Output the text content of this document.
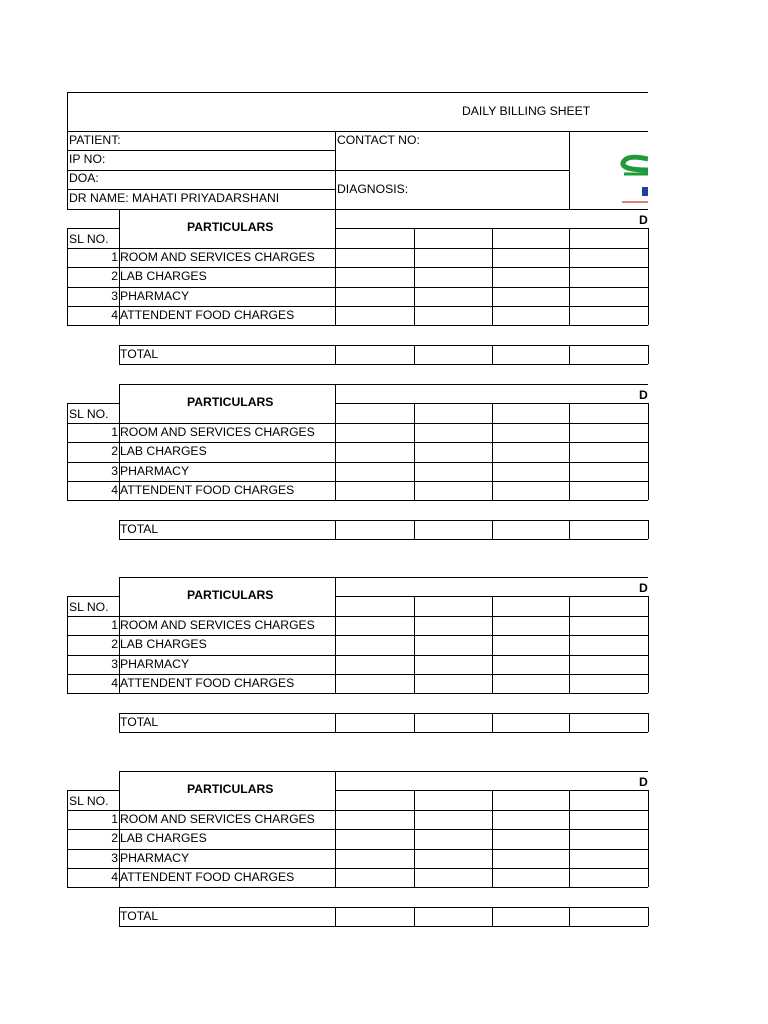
DAILY BILLING SHEET
PATIENT:
IP NO:
DOA:
DR NAME: MAHATI PRIYADARSHANI
CONTACT NO:
DIAGNOSIS:
PARTICULARS	D
SL NO.
1 ROOM AND SERVICES CHARGES
2 LAB CHARGES
3 PHARMACY
4 ATTENDENT FOOD CHARGES
TOTAL
PARTICULARS	D
SL NO.
1 ROOM AND SERVICES CHARGES
2 LAB CHARGES
3 PHARMACY
4 ATTENDENT FOOD CHARGES
TOTAL
PARTICULARS	D
SL NO.
1 ROOM AND SERVICES CHARGES
2 LAB CHARGES
3 PHARMACY
4 ATTENDENT FOOD CHARGES
TOTAL
PARTICULARS	D
SL NO.
1 ROOM AND SERVICES CHARGES
2 LAB CHARGES
3 PHARMACY
4 ATTENDENT FOOD CHARGES
TOTAL
